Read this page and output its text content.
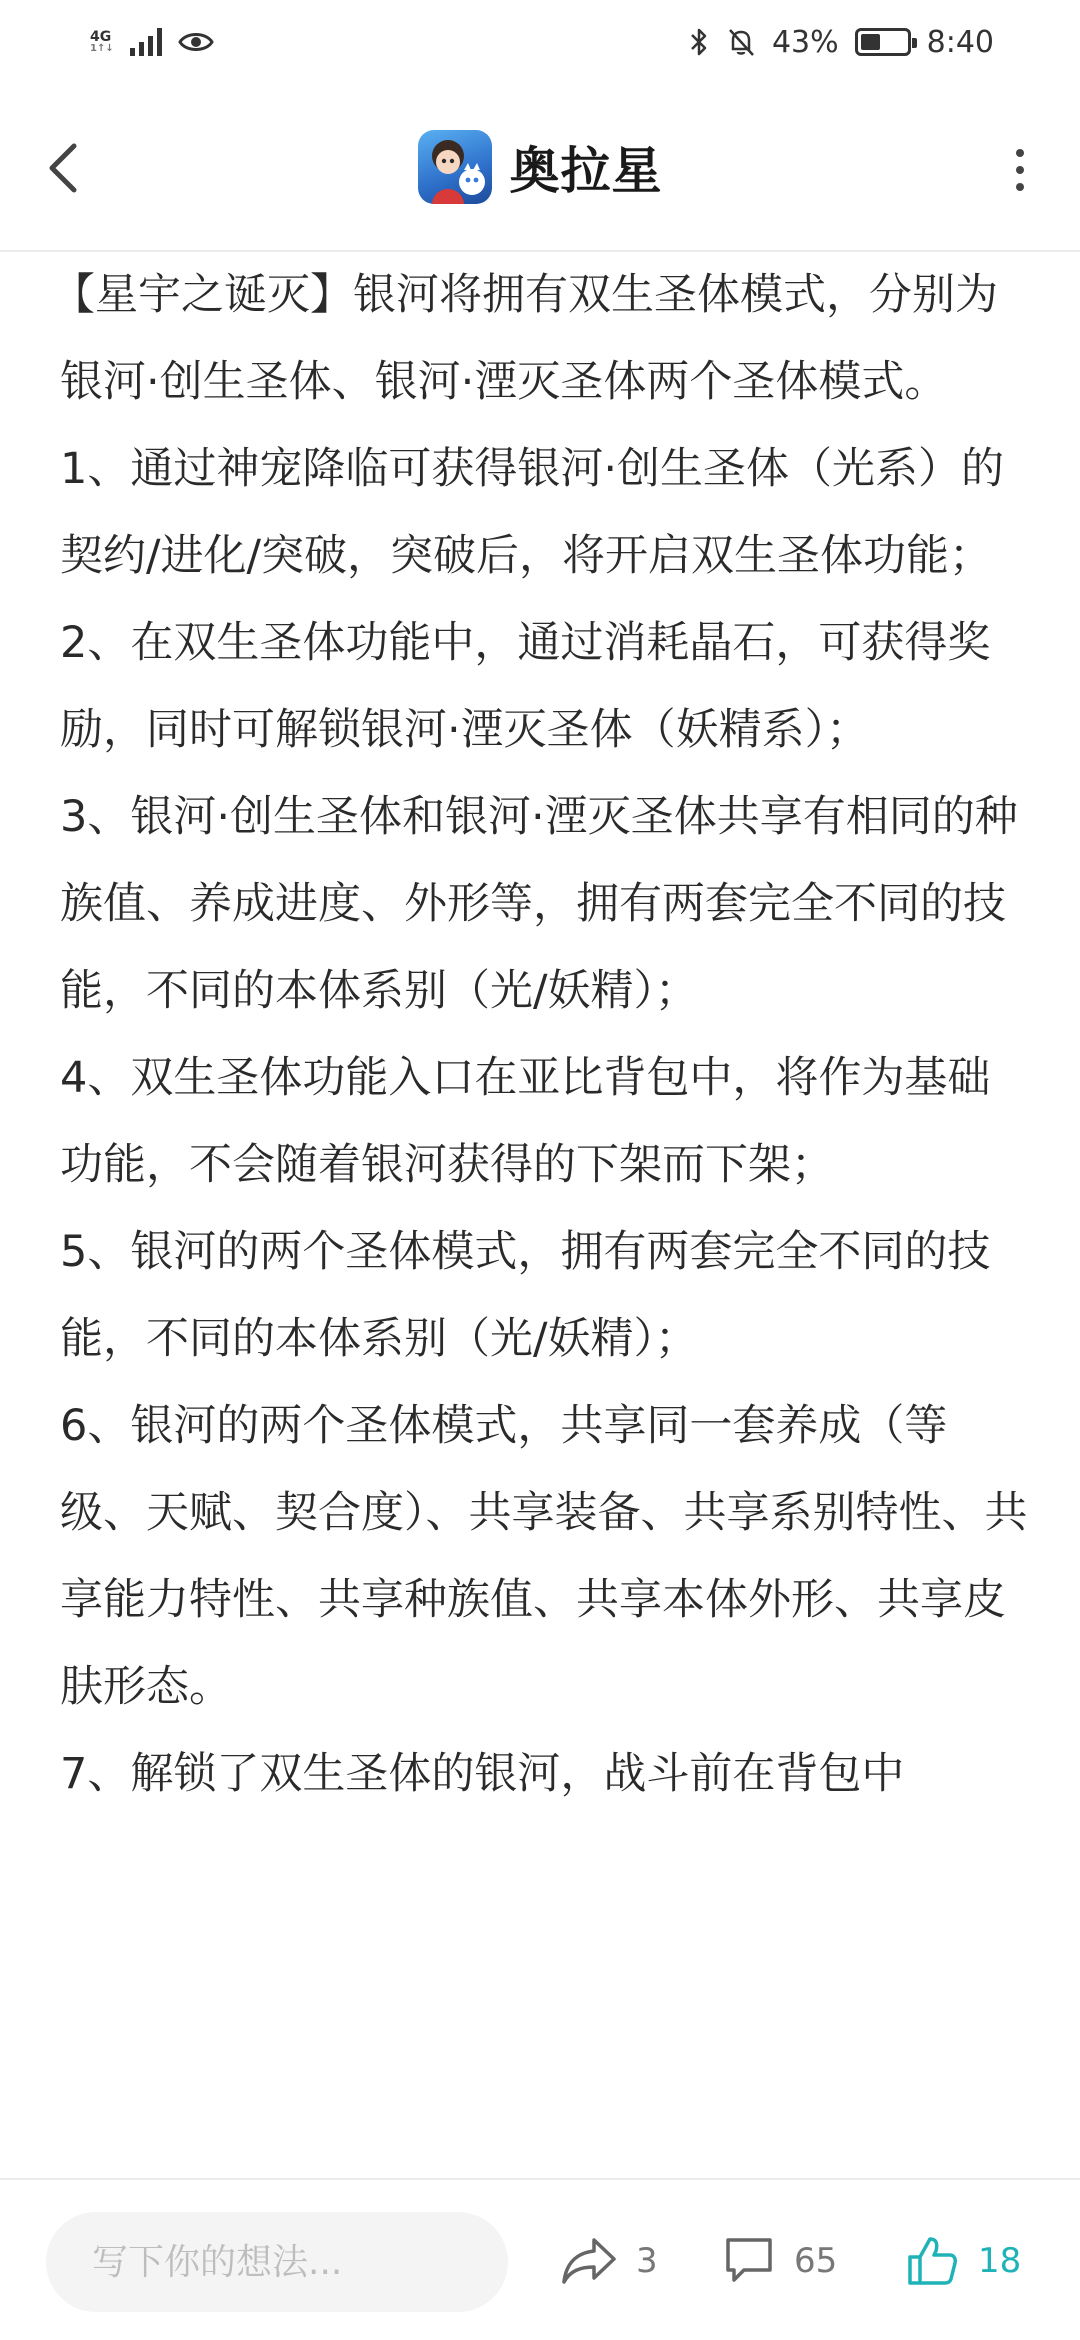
4G
1↑↓	43%	8:40
奥拉星

【星宇之诞灭】银河将拥有双生圣体模式，分别为银河·创生圣体、银河·湮灭圣体两个圣体模式。

1、通过神宠降临可获得银河·创生圣体（光系）的契约/进化/突破，突破后，将开启双生圣体功能；

2、在双生圣体功能中，通过消耗晶石，可获得奖励，同时可解锁银河·湮灭圣体（妖精系）；

3、银河·创生圣体和银河·湮灭圣体共享有相同的种族值、养成进度、外形等，拥有两套完全不同的技能，不同的本体系别（光/妖精）；

4、双生圣体功能入口在亚比背包中，将作为基础功能，不会随着银河获得的下架而下架；

5、银河的两个圣体模式，拥有两套完全不同的技能，不同的本体系别（光/妖精）；

6、银河的两个圣体模式，共享同一套养成（等级、天赋、契合度）、共享装备、共享系别特性、共享能力特性、共享种族值、共享本体外形、共享皮肤形态。

7、解锁了双生圣体的银河，战斗前在背包中

写下你的想法...
3	65	18
